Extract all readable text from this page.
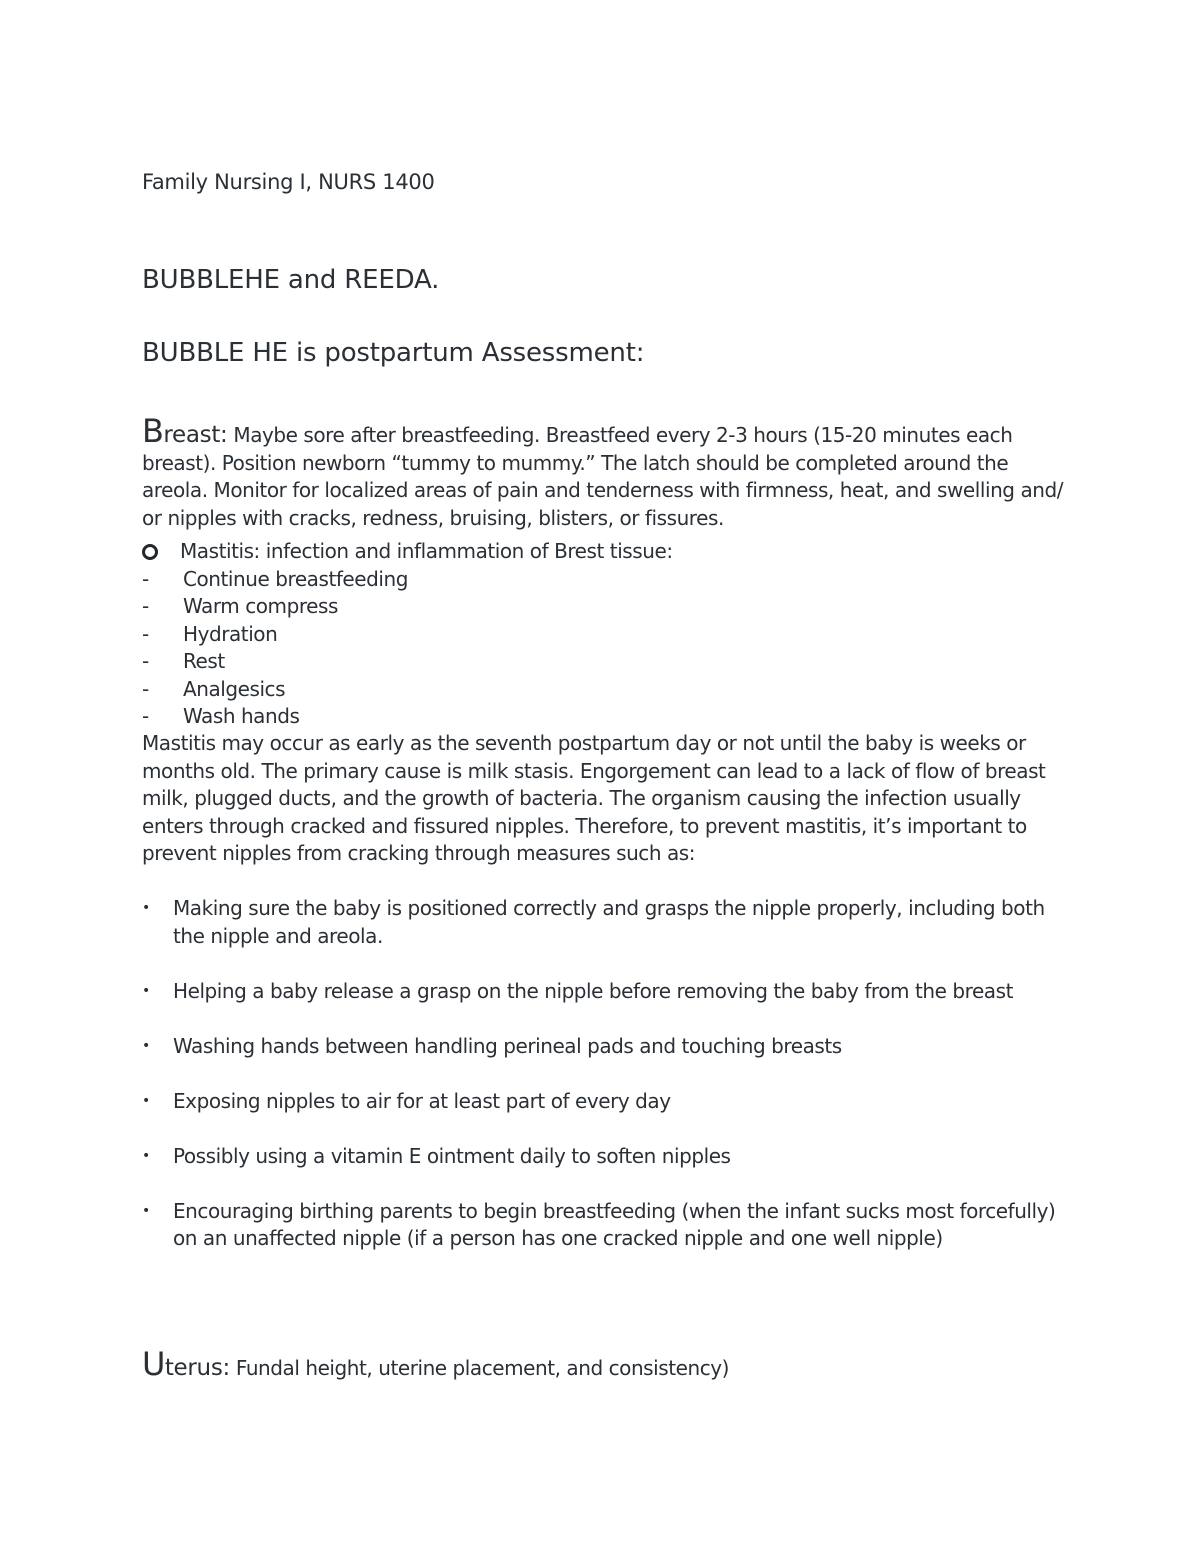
Family Nursing I, NURS 1400
BUBBLEHE and REEDA.
BUBBLE HE is postpartum Assessment:
Breast: Maybe sore after breastfeeding. Breastfeed every 2-3 hours (15-20 minutes each breast). Position newborn “tummy to mummy.” The latch should be completed around the areola. Monitor for localized areas of pain and tenderness with firmness, heat, and swelling and/ or nipples with cracks, redness, bruising, blisters, or fissures.
Mastitis: infection and inflammation of Brest tissue:
- Continue breastfeeding
- Warm compress
- Hydration
- Rest
- Analgesics
- Wash hands
Mastitis may occur as early as the seventh postpartum day or not until the baby is weeks or months old. The primary cause is milk stasis. Engorgement can lead to a lack of flow of breast milk, plugged ducts, and the growth of bacteria. The organism causing the infection usually enters through cracked and fissured nipples. Therefore, to prevent mastitis, it’s important to prevent nipples from cracking through measures such as:
• Making sure the baby is positioned correctly and grasps the nipple properly, including both the nipple and areola.
• Helping a baby release a grasp on the nipple before removing the baby from the breast
• Washing hands between handling perineal pads and touching breasts
• Exposing nipples to air for at least part of every day
• Possibly using a vitamin E ointment daily to soften nipples
• Encouraging birthing parents to begin breastfeeding (when the infant sucks most forcefully) on an unaffected nipple (if a person has one cracked nipple and one well nipple)
Uterus: Fundal height, uterine placement, and consistency)
